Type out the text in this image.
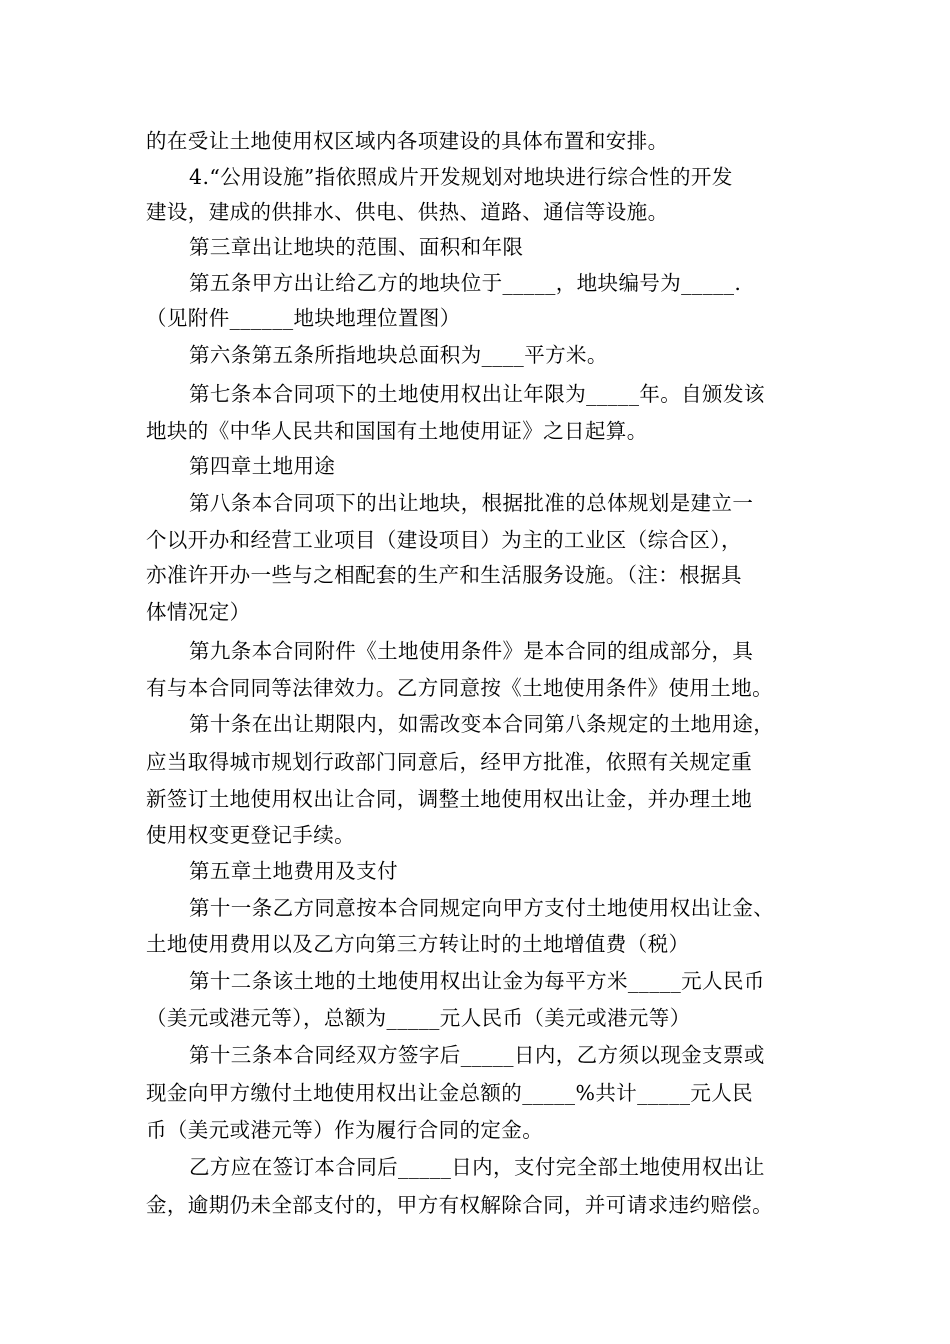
的在受让土地使用权区域内各项建设的具体布置和安排。
4.“公用设施”指依照成片开发规划对地块进行综合性的开发
建设，建成的供排水、供电、供热、道路、通信等设施。
第三章出让地块的范围、面积和年限
第五条甲方出让给乙方的地块位于_____，地块编号为_____.
（见附件______地块地理位置图）
第六条第五条所指地块总面积为____平方米。
第七条本合同项下的土地使用权出让年限为_____年。自颁发该
地块的《中华人民共和国国有土地使用证》之日起算。
第四章土地用途
第八条本合同项下的出让地块，根据批准的总体规划是建立一
个以开办和经营工业项目（建设项目）为主的工业区（综合区），
亦准许开办一些与之相配套的生产和生活服务设施。（注：根据具
体情况定）
第九条本合同附件《土地使用条件》是本合同的组成部分，具
有与本合同同等法律效力。乙方同意按《土地使用条件》使用土地。
第十条在出让期限内，如需改变本合同第八条规定的土地用途，
应当取得城市规划行政部门同意后，经甲方批准，依照有关规定重
新签订土地使用权出让合同，调整土地使用权出让金，并办理土地
使用权变更登记手续。
第五章土地费用及支付
第十一条乙方同意按本合同规定向甲方支付土地使用权出让金、
土地使用费用以及乙方向第三方转让时的土地增值费（税）
第十二条该土地的土地使用权出让金为每平方米_____元人民币
（美元或港元等），总额为_____元人民币（美元或港元等）
第十三条本合同经双方签字后_____日内，乙方须以现金支票或
现金向甲方缴付土地使用权出让金总额的_____%共计_____元人民
币（美元或港元等）作为履行合同的定金。
乙方应在签订本合同后_____日内，支付完全部土地使用权出让
金，逾期仍未全部支付的，甲方有权解除合同，并可请求违约赔偿。
